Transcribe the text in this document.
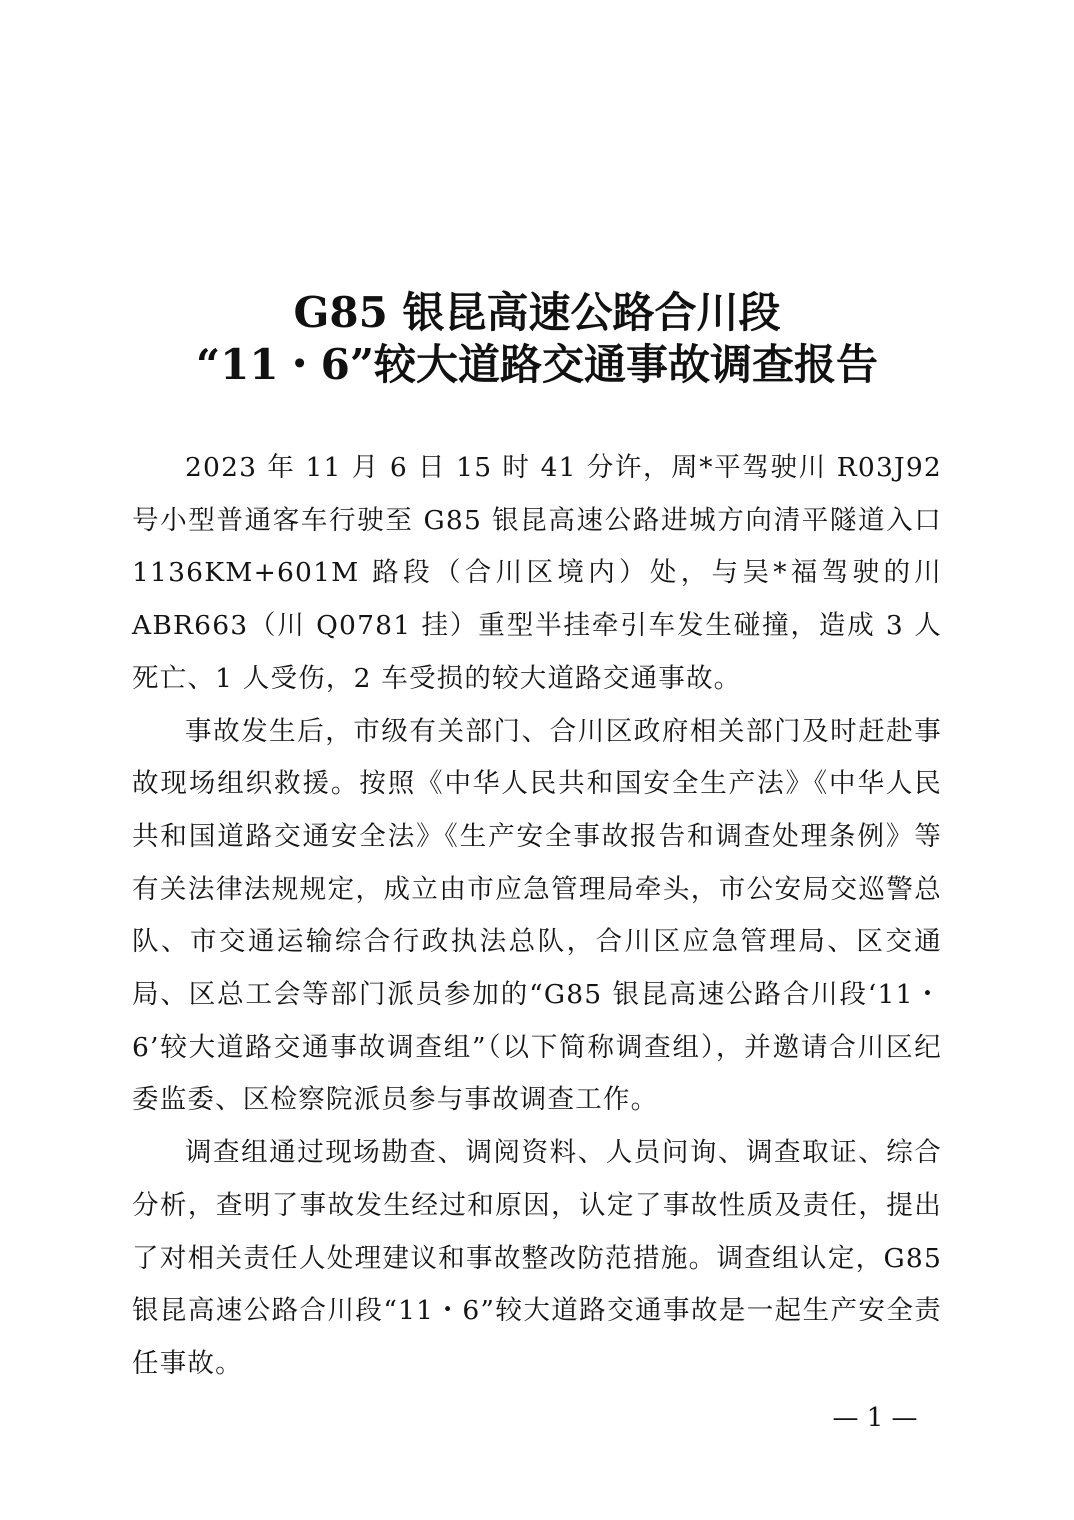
G85 银昆高速公路合川段
“11・6”较大道路交通事故调查报告

2023 年 11 月 6 日 15 时 41 分许，周*平驾驶川 R03J92 号小型普通客车行驶至 G85 银昆高速公路进城方向清平隧道入口 1136KM+601M 路段（合川区境内）处，与吴*福驾驶的川 ABR663（川 Q0781 挂）重型半挂牵引车发生碰撞，造成 3 人死亡、1 人受伤，2 车受损的较大道路交通事故。

事故发生后，市级有关部门、合川区政府相关部门及时赶赴事故现场组织救援。按照《中华人民共和国安全生产法》《中华人民共和国道路交通安全法》《生产安全事故报告和调查处理条例》等有关法律法规规定，成立由市应急管理局牵头，市公安局交巡警总队、市交通运输综合行政执法总队，合川区应急管理局、区交通局、区总工会等部门派员参加的“G85 银昆高速公路合川段‘11・6’较大道路交通事故调查组”（以下简称调查组），并邀请合川区纪委监委、区检察院派员参与事故调查工作。

调查组通过现场勘查、调阅资料、人员问询、调查取证、综合分析，查明了事故发生经过和原因，认定了事故性质及责任，提出了对相关责任人处理建议和事故整改防范措施。调查组认定，G85 银昆高速公路合川段“11・6”较大道路交通事故是一起生产安全责任事故。

— 1 —
